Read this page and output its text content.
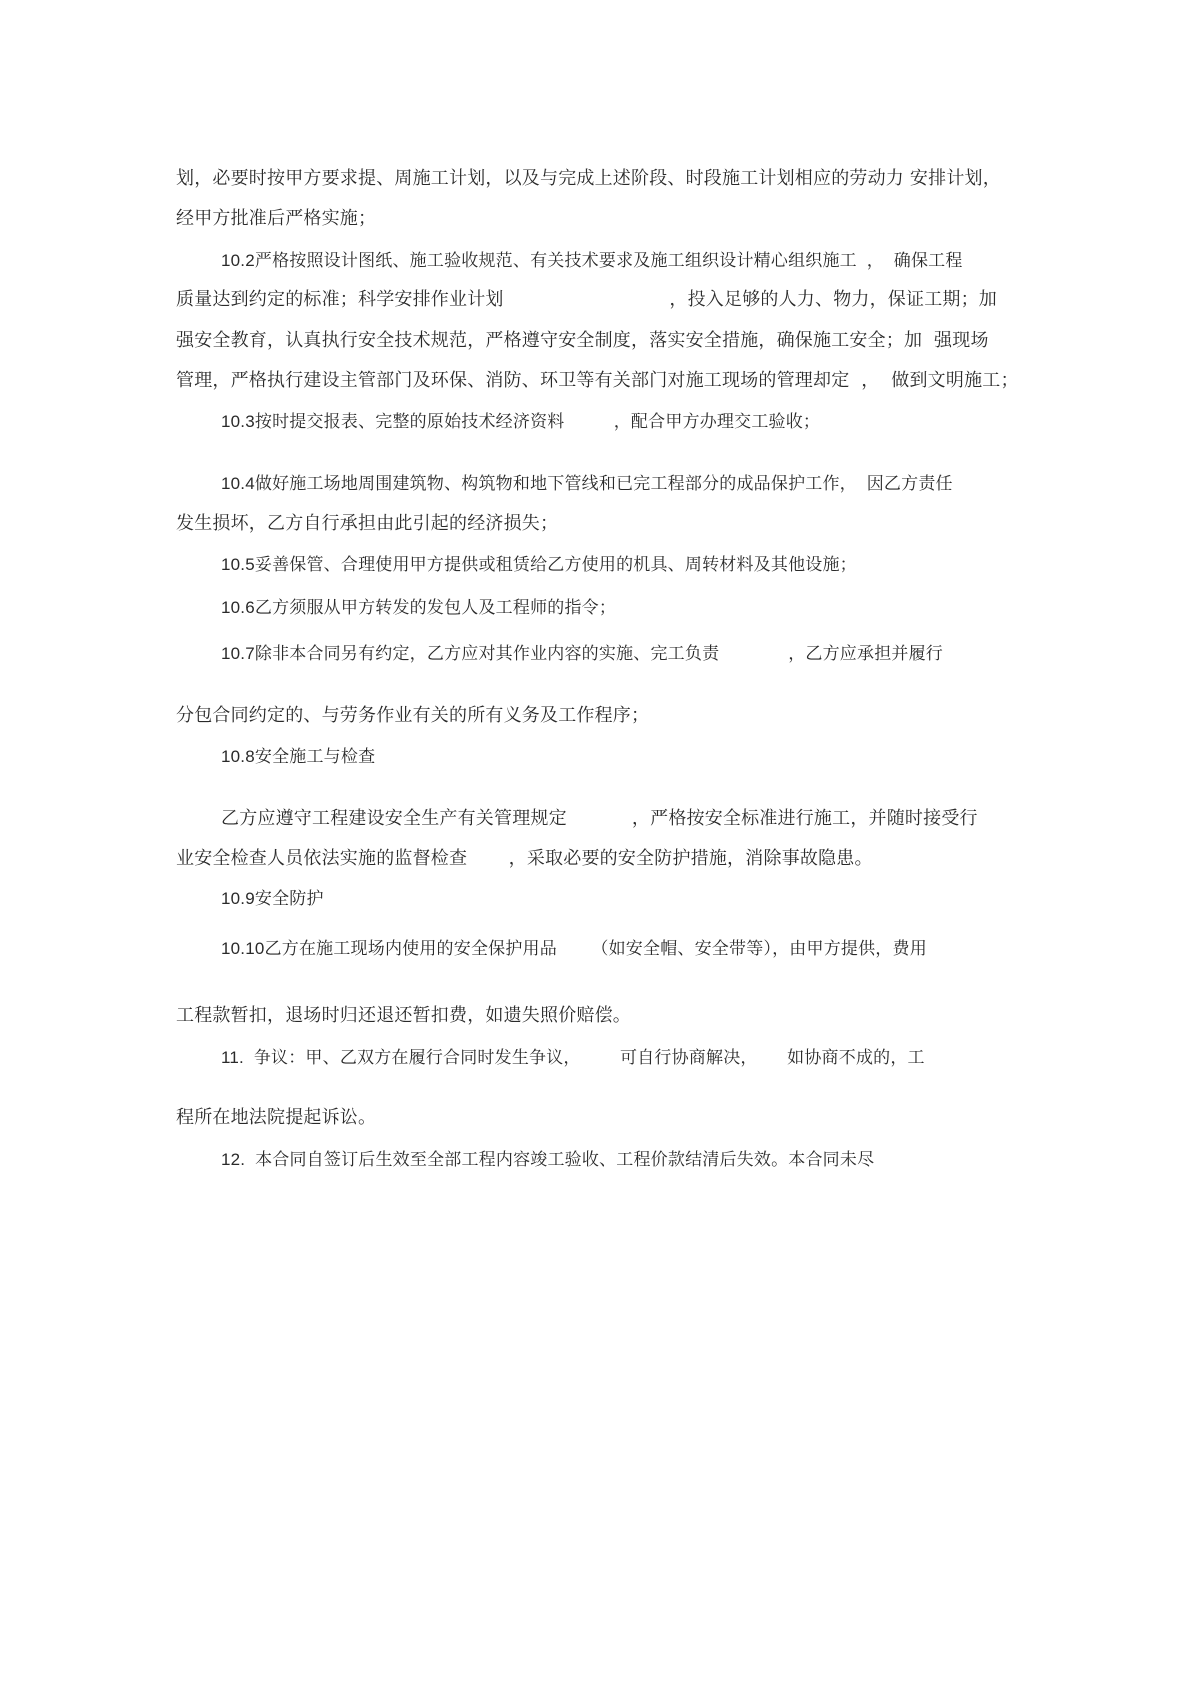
划，必要时按甲方要求提、周施工计划，以及与完成上述阶段、时段施工计划相应的劳动力 安排计划，
经甲方批准后严格实施；
10.2严格按照设计图纸、施工验收规范、有关技术要求及施工组织设计精心组织施工  ，  确保工程
质量达到约定的标准；科学安排作业计划                            ，投入足够的人力、物力，保证工期；加
强安全教育，认真执行安全技术规范，严格遵守安全制度，落实安全措施，确保施工安全；加  强现场
管理，严格执行建设主管部门及环保、消防、环卫等有关部门对施工现场的管理却定  ，  做到文明施工；
10.3按时提交报表、完整的原始技术经济资料          ，配合甲方办理交工验收；
10.4做好施工场地周围建筑物、构筑物和地下管线和已完工程部分的成品保护工作，  因乙方责任
发生损坏，乙方自行承担由此引起的经济损失；
10.5妥善保管、合理使用甲方提供或租赁给乙方使用的机具、周转材料及其他设施；
10.6乙方须服从甲方转发的发包人及工程师的指令；
10.7除非本合同另有约定，乙方应对其作业内容的实施、完工负责              ，乙方应承担并履行
分包合同约定的、与劳务作业有关的所有义务及工作程序；
10.8安全施工与检查
乙方应遵守工程建设安全生产有关管理规定           ，严格按安全标准进行施工，并随时接受行
业安全检查人员依法实施的监督检查       ，采取必要的安全防护措施，消除事故隐患。
10.9安全防护
10.10乙方在施工现场内使用的安全保护用品       （如安全帽、安全带等），由甲方提供，费用
工程款暂扣，退场时归还退还暂扣费，如遗失照价赔偿。
11.  争议：甲、乙双方在履行合同时发生争议，        可自行协商解决，      如协商不成的，工
程所在地法院提起诉讼。
12.  本合同自签订后生效至全部工程内容竣工验收、工程价款结清后失效。本合同未尽
